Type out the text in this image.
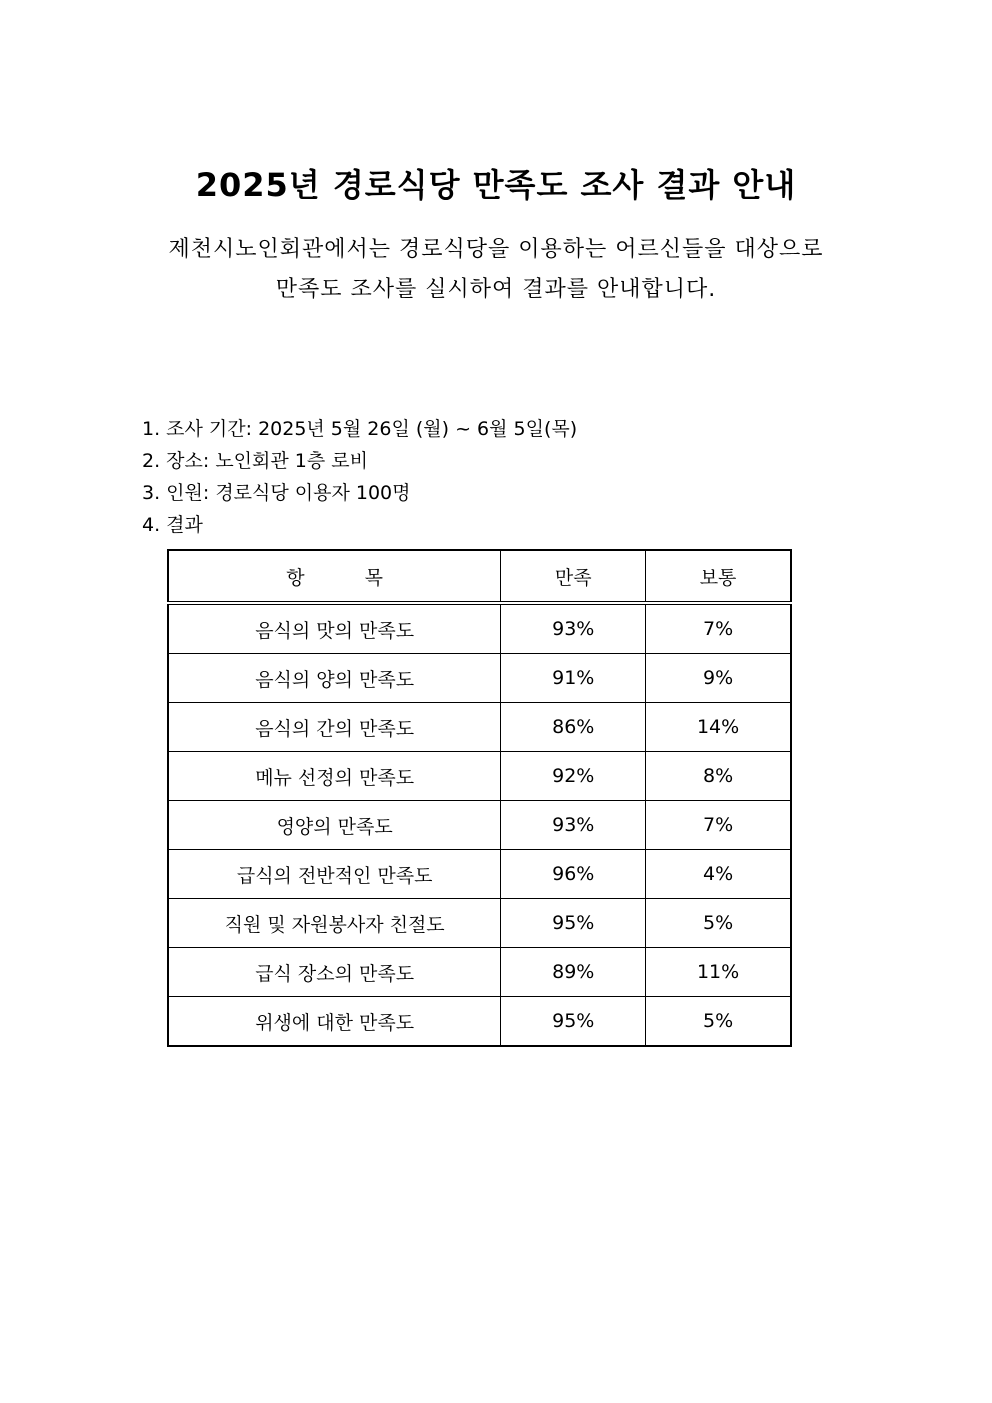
2025년 경로식당 만족도 조사 결과 안내
제천시노인회관에서는 경로식당을 이용하는 어르신들을 대상으로
만족도 조사를 실시하여 결과를 안내합니다.
1. 조사 기간: 2025년 5월 26일 (월) ~ 6월 5일(목)
2. 장소: 노인회관 1층 로비
3. 인원: 경로식당 이용자 100명
4. 결과
항목	만족	보통
음식의 맛의 만족도	93%	7%
음식의 양의 만족도	91%	9%
음식의 간의 만족도	86%	14%
메뉴 선정의 만족도	92%	8%
영양의 만족도	93%	7%
급식의 전반적인 만족도	96%	4%
직원 및 자원봉사자 친절도	95%	5%
급식 장소의 만족도	89%	11%
위생에 대한 만족도	95%	5%
